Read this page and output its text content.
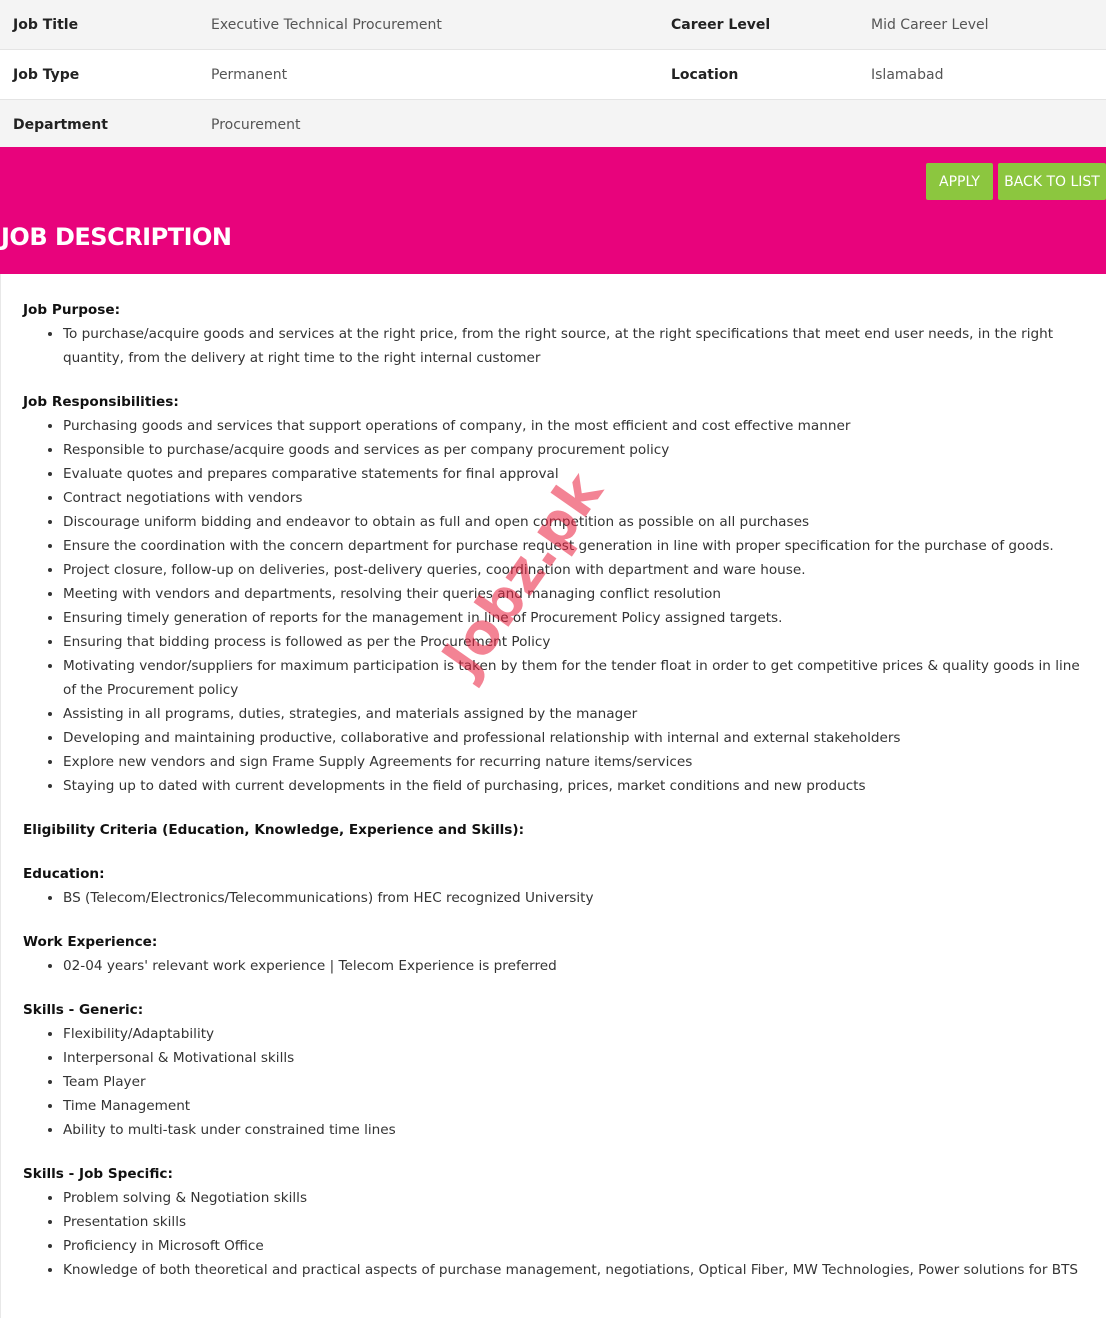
Job Title	Executive Technical Procurement	Career Level	Mid Career Level
Job Type	Permanent	Location	Islamabad
Department	Procurement
APPLY	BACK TO LIST
JOB DESCRIPTION

Job Purpose:

• To purchase/acquire goods and services at the right price, from the right source, at the right specifications that meet end user needs, in the right quantity, from the delivery at right time to the right internal customer

Job Responsibilities:

• Purchasing goods and services that support operations of company, in the most efficient and cost effective manner
• Responsible to purchase/acquire goods and services as per company procurement policy
• Evaluate quotes and prepares comparative statements for final approval
• Contract negotiations with vendors
• Discourage uniform bidding and endeavor to obtain as full and open competition as possible on all purchases
• Ensure the coordination with the concern department for purchase request generation in line with proper specification for the purchase of goods.
• Project closure, follow-up on deliveries, post-delivery queries, coordination with department and ware house.
• Meeting with vendors and departments, resolving their queries and managing conflict resolution
• Ensuring timely generation of reports for the management in line of Procurement Policy assigned targets.
• Ensuring that bidding process is followed as per the Procurement Policy
• Motivating vendor/suppliers for maximum participation is taken by them for the tender float in order to get competitive prices & quality goods in line of the Procurement policy
• Assisting in all programs, duties, strategies, and materials assigned by the manager
• Developing and maintaining productive, collaborative and professional relationship with internal and external stakeholders
• Explore new vendors and sign Frame Supply Agreements for recurring nature items/services
• Staying up to dated with current developments in the field of purchasing, prices, market conditions and new products

Eligibility Criteria (Education, Knowledge, Experience and Skills):

Education:

• BS (Telecom/Electronics/Telecommunications) from HEC recognized University

Work Experience:

• 02-04 years' relevant work experience | Telecom Experience is preferred

Skills - Generic:

• Flexibility/Adaptability
• Interpersonal & Motivational skills
• Team Player
• Time Management
• Ability to multi-task under constrained time lines

Skills - Job Specific:

• Problem solving & Negotiation skills
• Presentation skills
• Proficiency in Microsoft Office
• Knowledge of both theoretical and practical aspects of purchase management, negotiations, Optical Fiber, MW Technologies, Power solutions for BTS
Jobz.pk
